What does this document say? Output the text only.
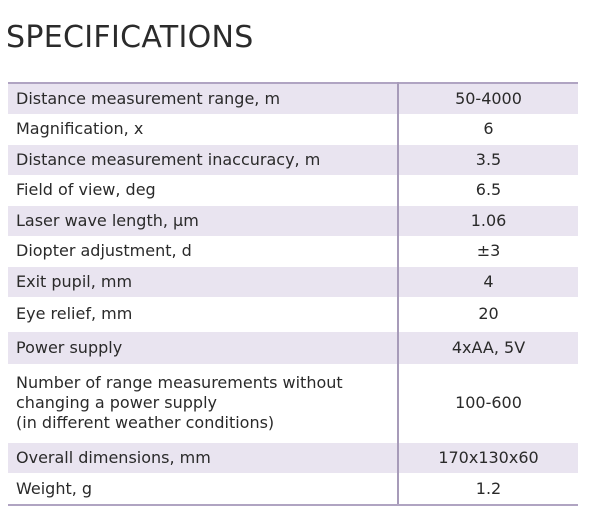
SPECIFICATIONS
Distance measurement range, m	50-4000
Magnification, x	6
Distance measurement inaccuracy, m	3.5
Field of view, deg	6.5
Laser wave length, μm	1.06
Diopter adjustment, d	±3
Exit pupil, mm	4
Eye relief, mm	20
Power supply	4xAA, 5V

Number of range measurements without
changing a power supply
(in different weather conditions)	100-600
Overall dimensions, mm	170x130x60
Weight, g	1.2
